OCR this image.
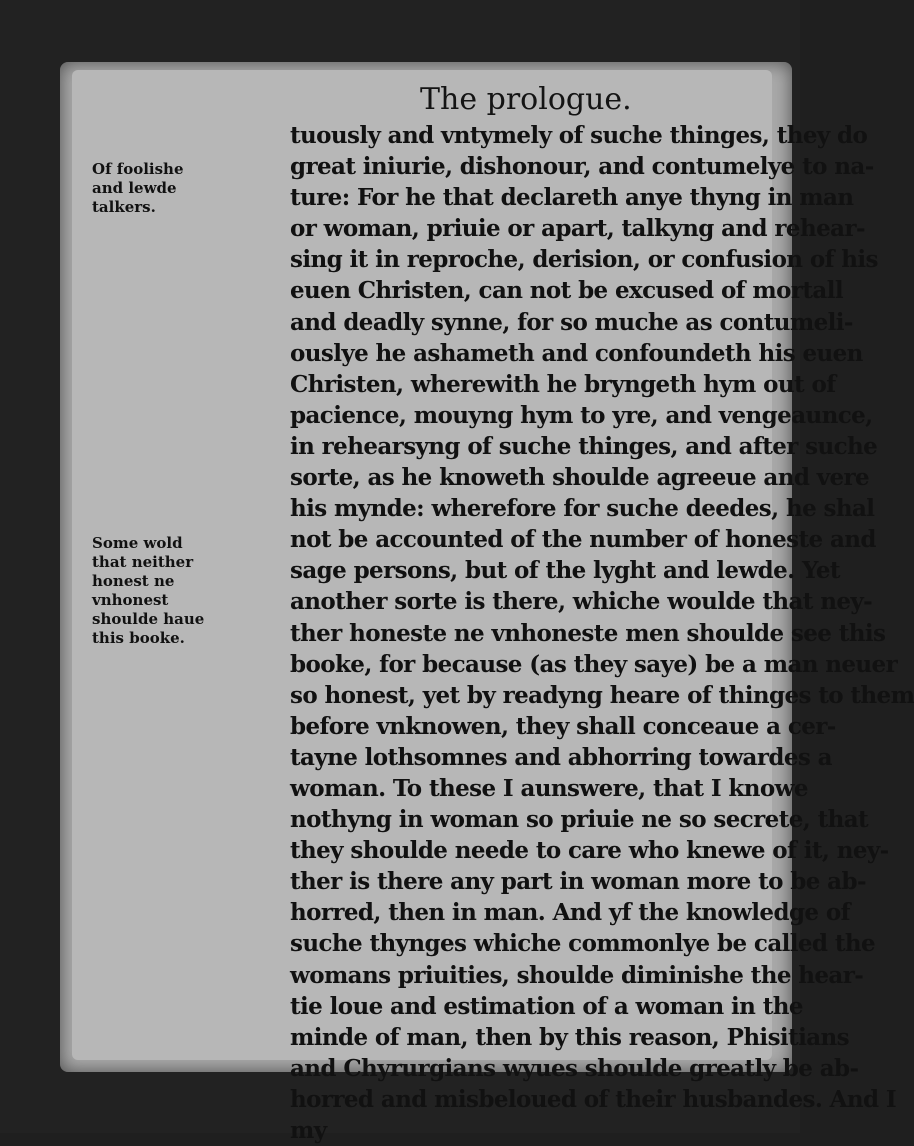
The prologue.
Of foolishe
and lewde
talkers.
Some wold
that neither
honest ne
vnhonest
shoulde haue
this booke.
tuously and vntymely of suche thinges, they do
great iniurie, dishonour, and contumelye to na-
ture: For he that declareth anye thyng in man
or woman, priuie or apart, talkyng and rehear-
sing it in reproche, derision, or confusion of his
euen Christen, can not be excused of mortall
and deadly synne, for so muche as contumeli-
ouslye he ashameth and confoundeth his euen
Christen, wherewith he bryngeth hym out of
pacience, mouyng hym to yre, and vengeaunce,
in rehearsyng of suche thinges, and after suche
sorte, as he knoweth shoulde agreeue and vere
his mynde: wherefore for suche deedes, he shal
not be accounted of the number of honeste and
sage persons, but of the lyght and lewde. Yet
another sorte is there, whiche woulde that ney-
ther honeste ne vnhoneste men shoulde see this
booke, for because (as they saye) be a man neuer
so honest, yet by readyng heare of thinges to them
before vnknowen, they shall conceaue a cer-
tayne lothsomnes and abhorring towardes a
woman. To these I aunswere, that I knowe
nothyng in woman so priuie ne so secrete, that
they shoulde neede to care who knewe of it, ney-
ther is there any part in woman more to be ab-
horred, then in man. And yf the knowledge of
suche thynges whiche commonlye be called the
womans priuities, shoulde diminishe the hear-
tie loue and estimation of a woman in the
minde of man, then by this reason, Phisitians
and Chyrurgians wyues shoulde greatly be ab-
horred and misbeloued of their husbandes. And I
my
